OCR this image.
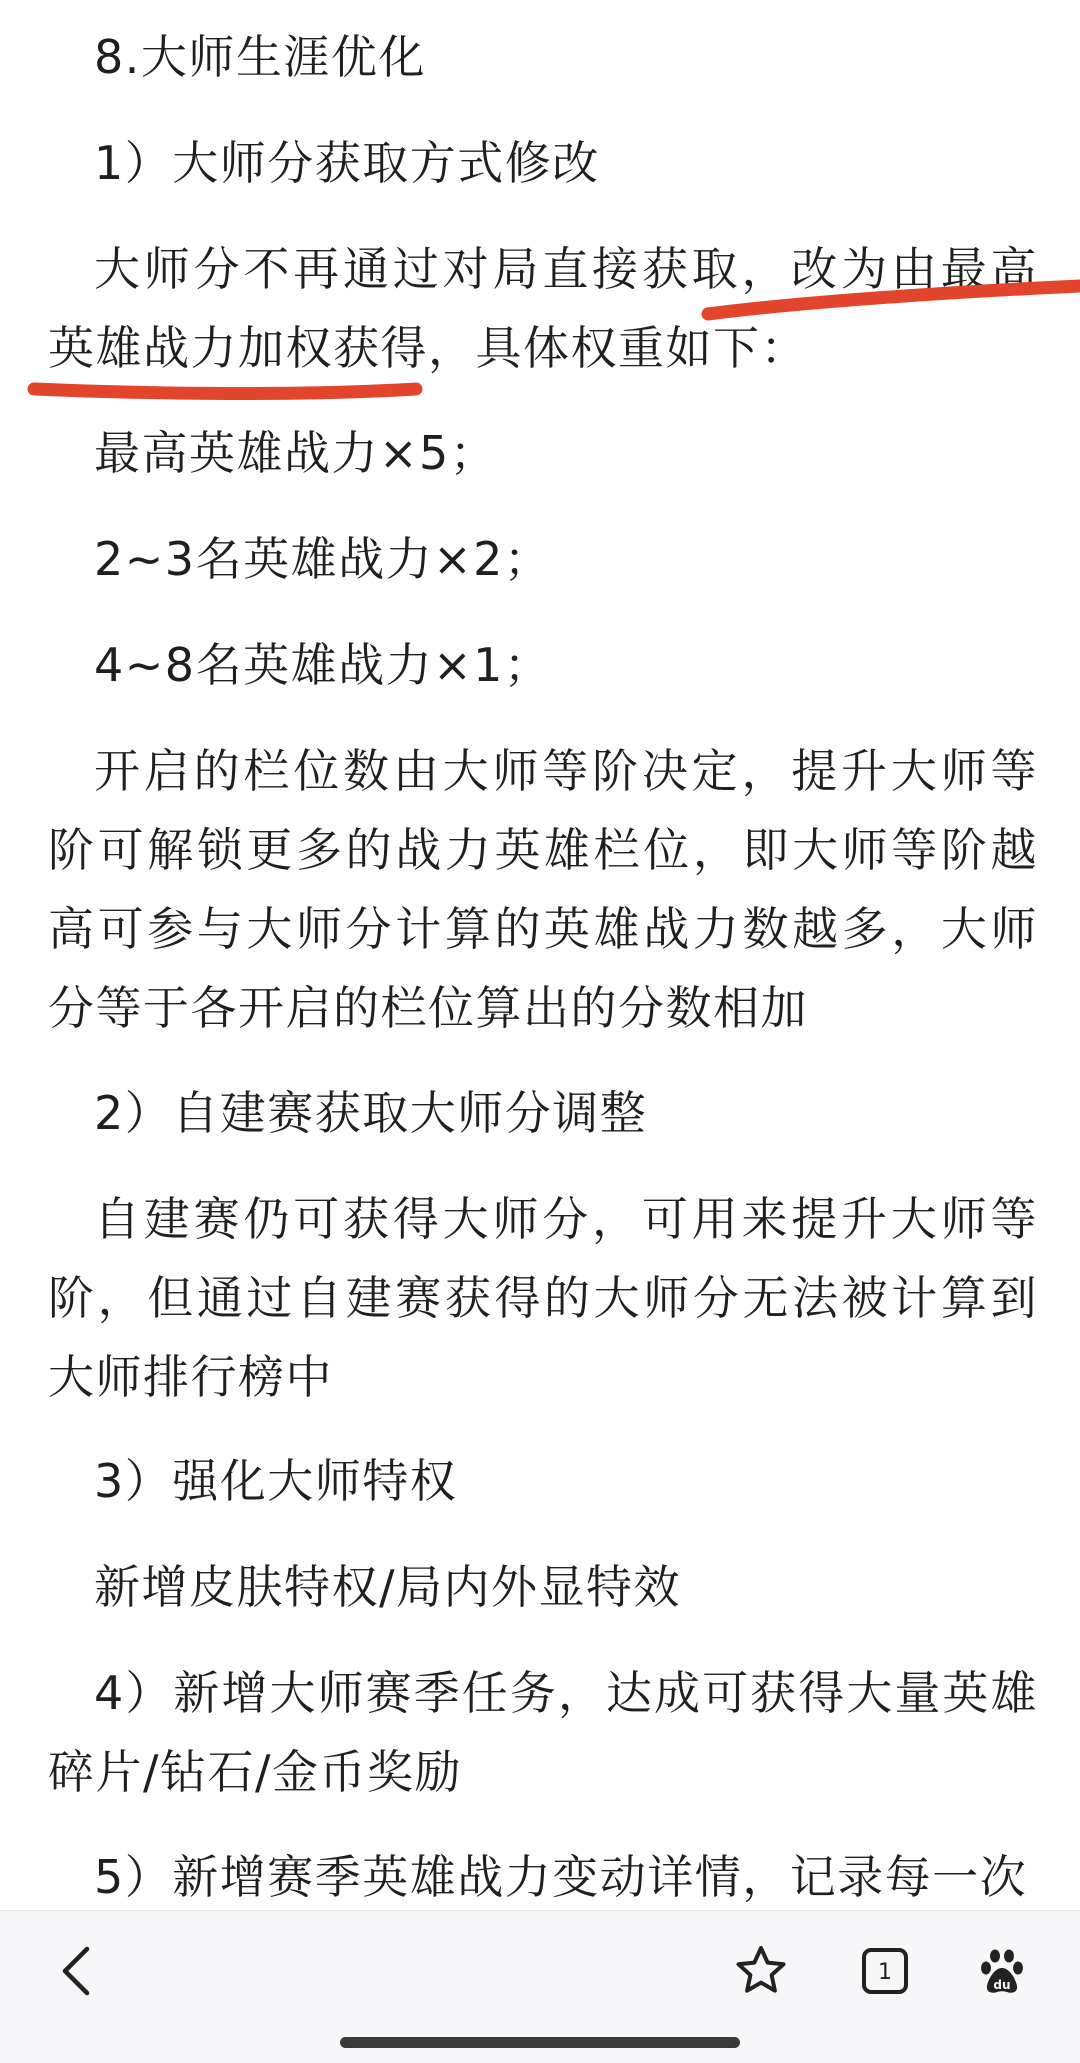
8.大师生涯优化

1）大师分获取方式修改

大师分不再通过对局直接获取，改为由最高英雄战力加权获得，具体权重如下：

最高英雄战力×5；

2~3名英雄战力×2；

4~8名英雄战力×1；

开启的栏位数由大师等阶决定，提升大师等阶可解锁更多的战力英雄栏位，即大师等阶越高可参与大师分计算的英雄战力数越多，大师分等于各开启的栏位算出的分数相加

2）自建赛获取大师分调整

自建赛仍可获得大师分，可用来提升大师等阶，但通过自建赛获得的大师分无法被计算到大师排行榜中

3）强化大师特权

新增皮肤特权/局内外显特效

4）新增大师赛季任务，达成可获得大量英雄碎片/钻石/金币奖励

5）新增赛季英雄战力变动详情，记录每一次

1	du
